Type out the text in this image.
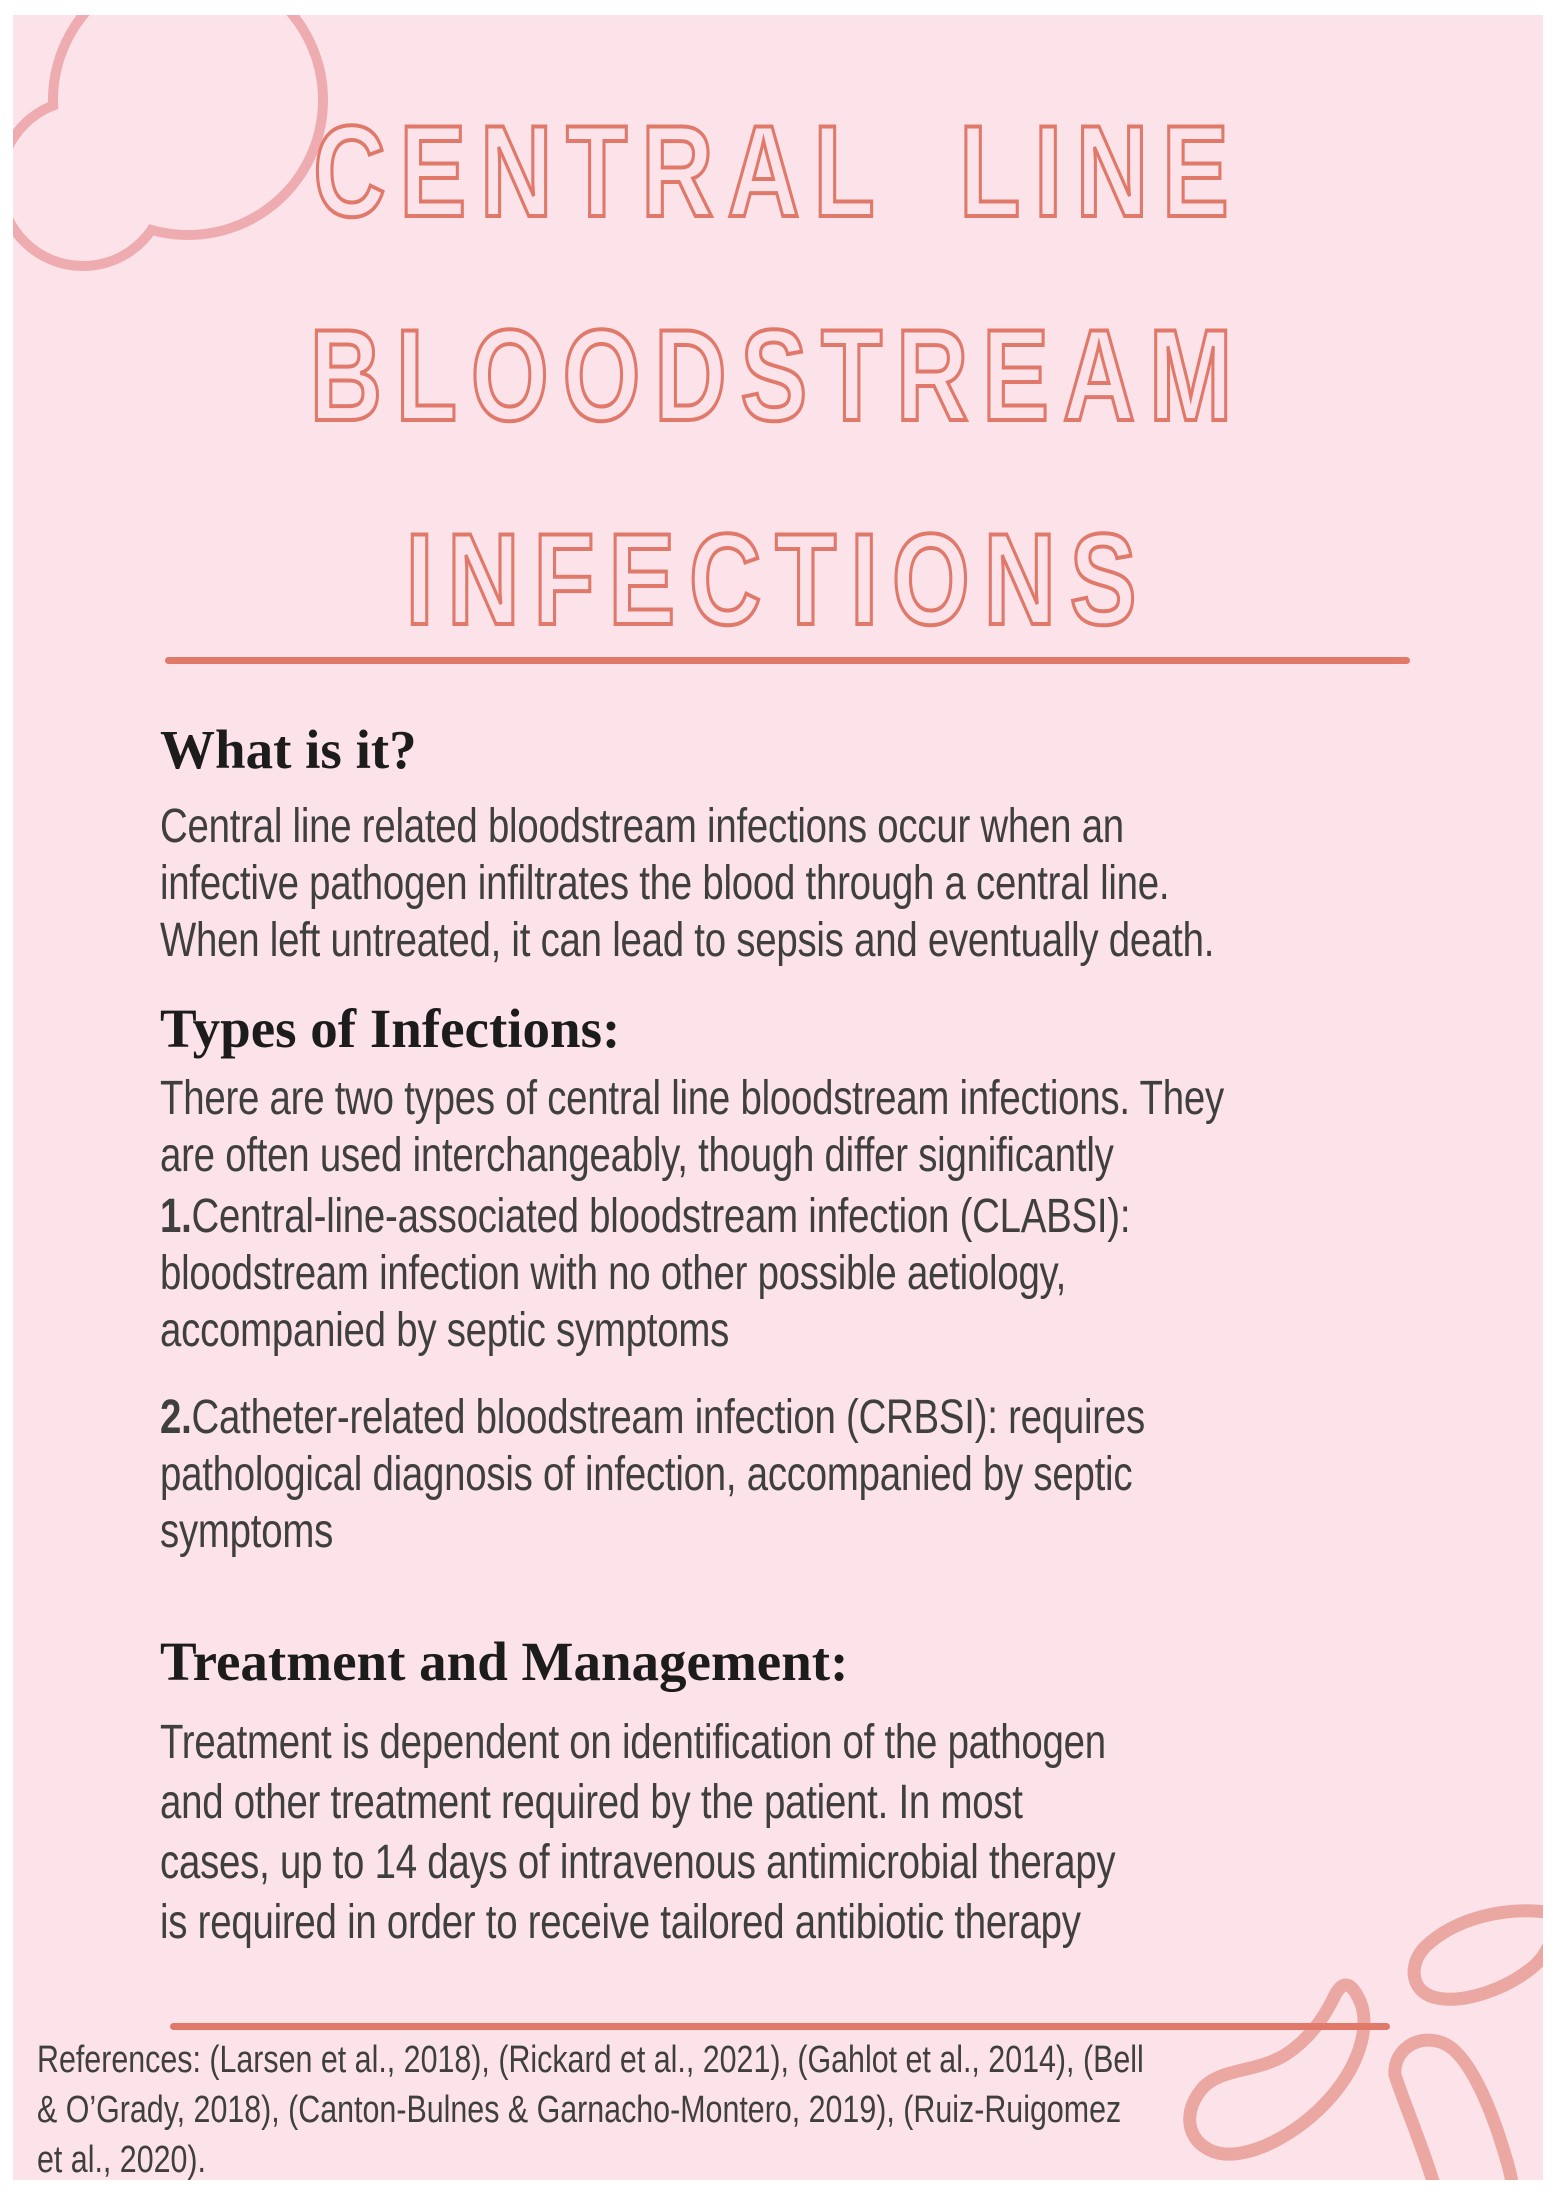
CENTRAL LINE
BLOODSTREAM
INFECTIONS
What is it?
Central line related bloodstream infections occur when an
infective pathogen infiltrates the blood through a central line.
When left untreated, it can lead to sepsis and eventually death.
Types of Infections:
There are two types of central line bloodstream infections. They
are often used interchangeably, though differ significantly
1.Central-line-associated bloodstream infection (CLABSI):
bloodstream infection with no other possible aetiology,
accompanied by septic symptoms
2.Catheter-related bloodstream infection (CRBSI): requires
pathological diagnosis of infection, accompanied by septic
symptoms
Treatment and Management:
Treatment is dependent on identification of the pathogen
and other treatment required by the patient. In most
cases, up to 14 days of intravenous antimicrobial therapy
is required in order to receive tailored antibiotic therapy
References: (Larsen et al., 2018), (Rickard et al., 2021), (Gahlot et al., 2014), (Bell
& O’Grady, 2018), (Canton-Bulnes & Garnacho-Montero, 2019), (Ruiz-Ruigomez
et al., 2020).
